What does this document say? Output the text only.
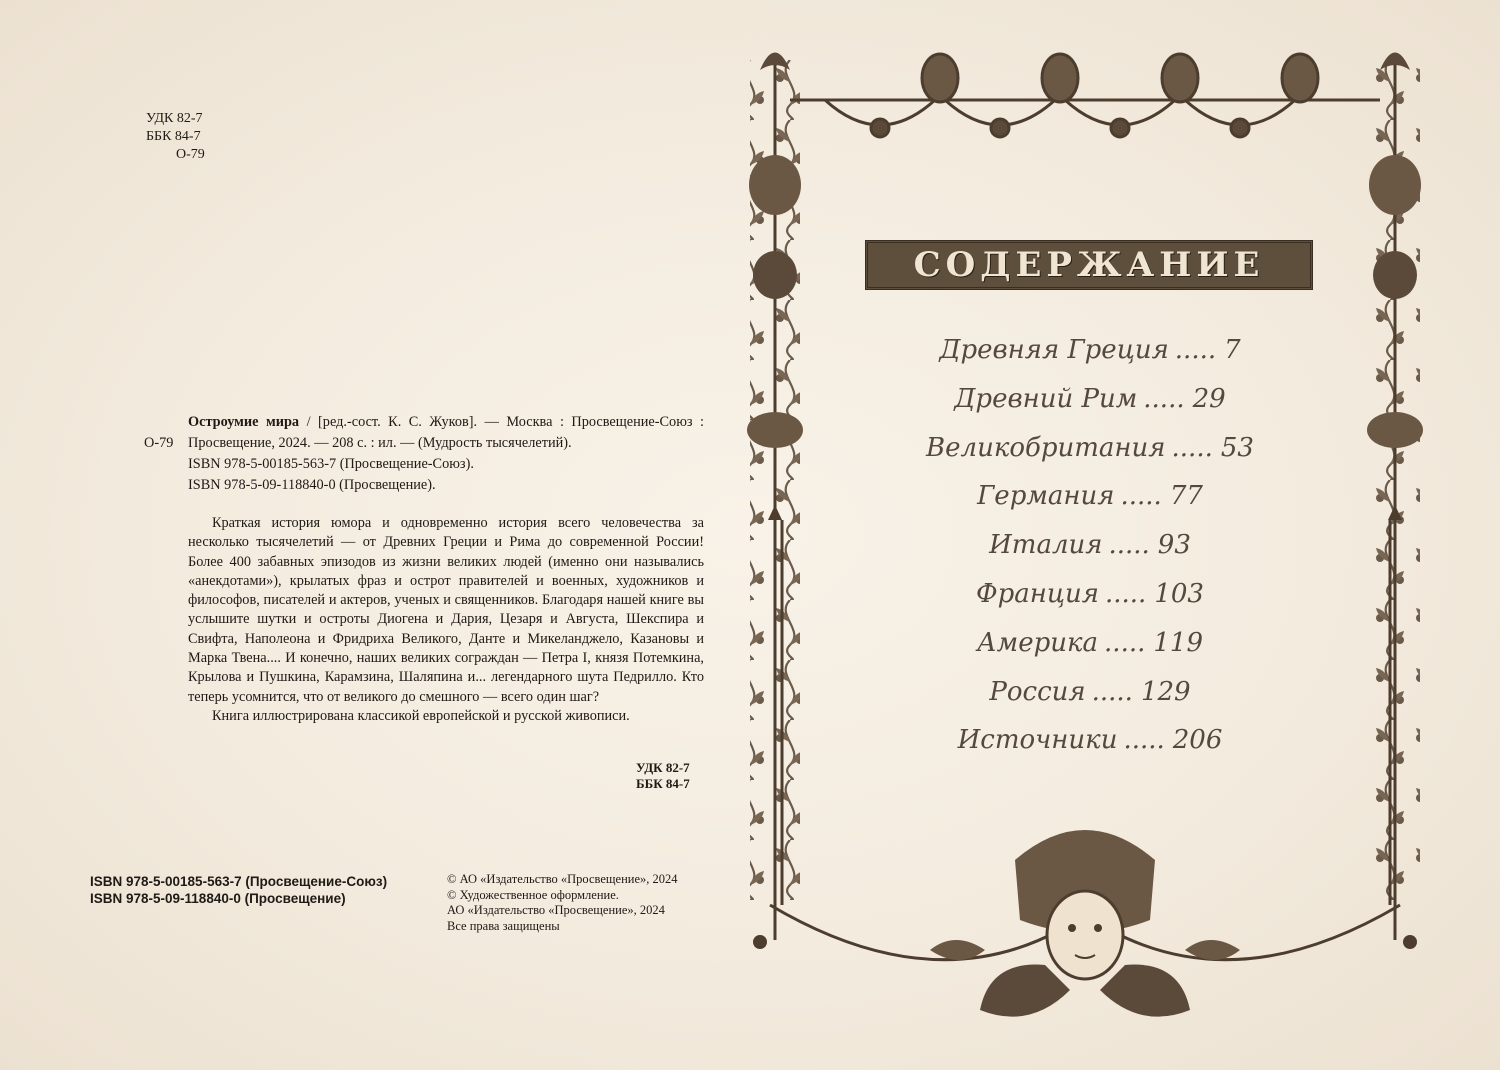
УДК 82-7
ББК 84-7
О-79
О-79
Остроумие мира / [ред.-сост. К. С. Жуков]. — Москва : Просвещение-Союз : Просвещение, 2024. — 208 с. : ил. — (Мудрость тысячелетий).
ISBN 978-5-00185-563-7 (Просвещение-Союз).
ISBN 978-5-09-118840-0 (Просвещение).

Краткая история юмора и одновременно история всего человечества за несколько тысячелетий — от Древних Греции и Рима до современной России! Более 400 забавных эпизодов из жизни великих людей (именно они назывались «анекдотами»), крылатых фраз и острот правителей и военных, художников и философов, писателей и актеров, ученых и священников. Благодаря нашей книге вы услышите шутки и остроты Диогена и Дария, Цезаря и Августа, Шекспира и Свифта, Наполеона и Фридриха Великого, Данте и Микеланджело, Казановы и Марка Твена.... И конечно, наших великих сограждан — Петра I, князя Потемкина, Крылова и Пушкина, Карамзина, Шаляпина и... легендарного шута Педрилло. Кто теперь усомнится, что от великого до смешного — всего один шаг?

Книга иллюстрирована классикой европейской и русской живописи.

УДК 82-7
ББК 84-7
ISBN 978-5-00185-563-7 (Просвещение-Союз)
ISBN 978-5-09-118840-0 (Просвещение)
© АО «Издательство «Просвещение», 2024
© Художественное оформление.
АО «Издательство «Просвещение», 2024
Все права защищены
СОДЕРЖАНИЕ
Древняя Греция ..... 7
Древний Рим ..... 29
Великобритания ..... 53
Германия ..... 77
Италия ..... 93
Франция ..... 103
Америка ..... 119
Россия ..... 129
Источники ..... 206
